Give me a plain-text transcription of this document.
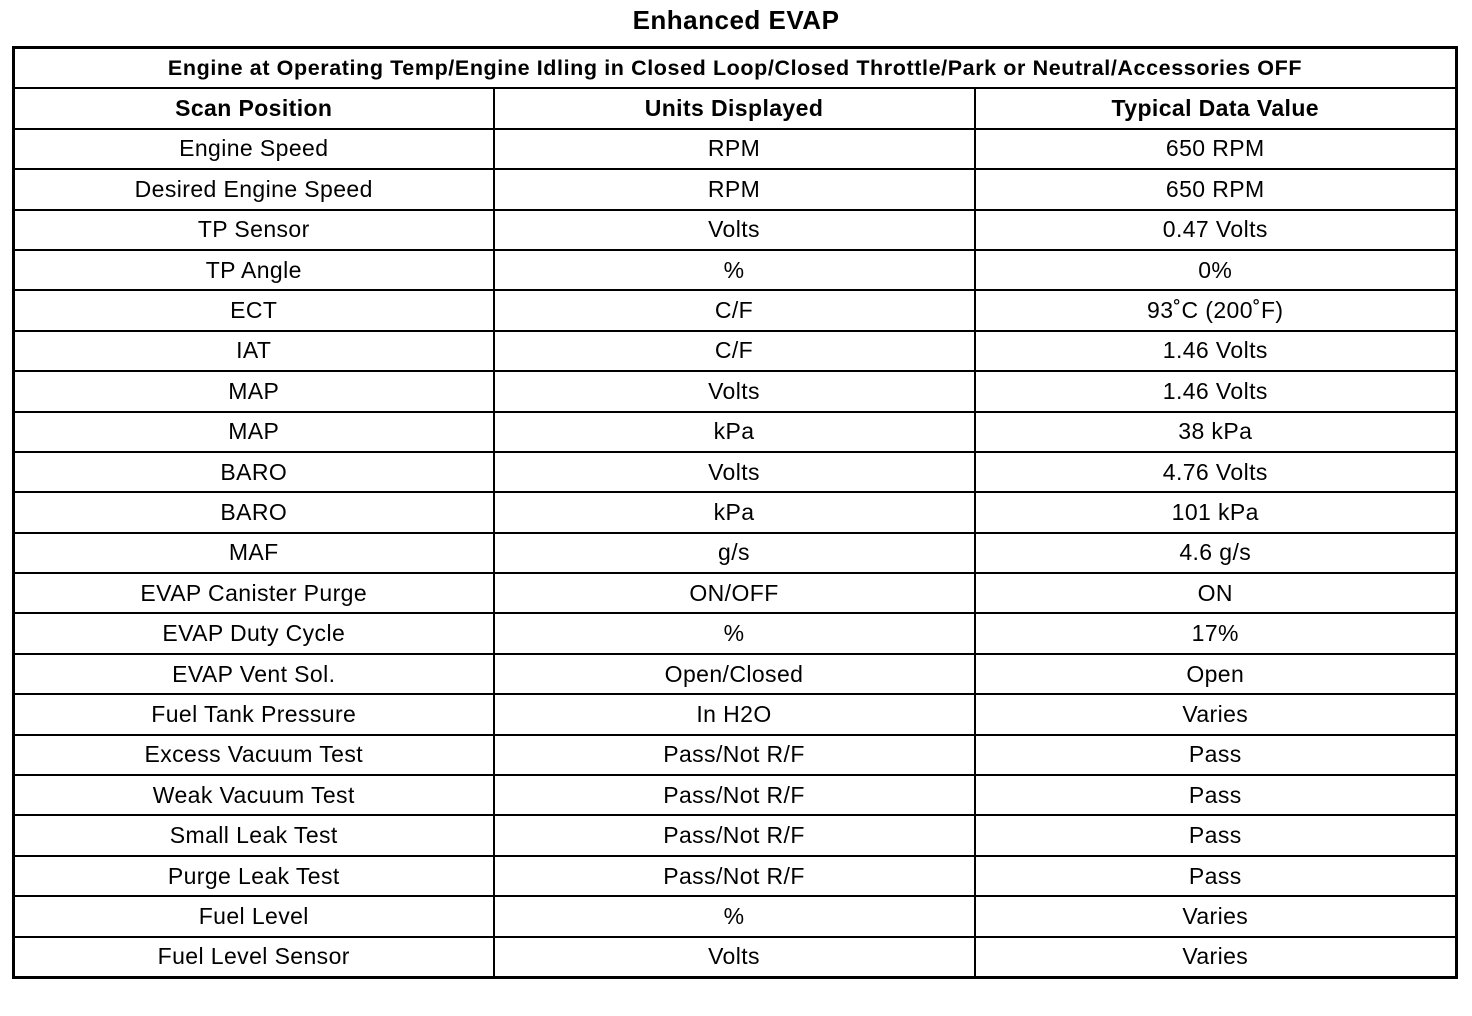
Enhanced EVAP
Engine at Operating Temp/Engine Idling in Closed Loop/Closed Throttle/Park or Neutral/Accessories OFF		
Scan Position	Units Displayed	Typical Data Value
Engine Speed	RPM	650 RPM
Desired Engine Speed	RPM	650 RPM
TP Sensor	Volts	0.47 Volts
TP Angle	%	0%
ECT	C/F	93˚C (200˚F)
IAT	C/F	1.46 Volts
MAP	Volts	1.46 Volts
MAP	kPa	38 kPa
BARO	Volts	4.76 Volts
BARO	kPa	101 kPa
MAF	g/s	4.6 g/s
EVAP Canister Purge	ON/OFF	ON
EVAP Duty Cycle	%	17%
EVAP Vent Sol.	Open/Closed	Open
Fuel Tank Pressure	In H2O	Varies
Excess Vacuum Test	Pass/Not R/F	Pass
Weak Vacuum Test	Pass/Not R/F	Pass
Small Leak Test	Pass/Not R/F	Pass
Purge Leak Test	Pass/Not R/F	Pass
Fuel Level	%	Varies
Fuel Level Sensor	Volts	Varies
